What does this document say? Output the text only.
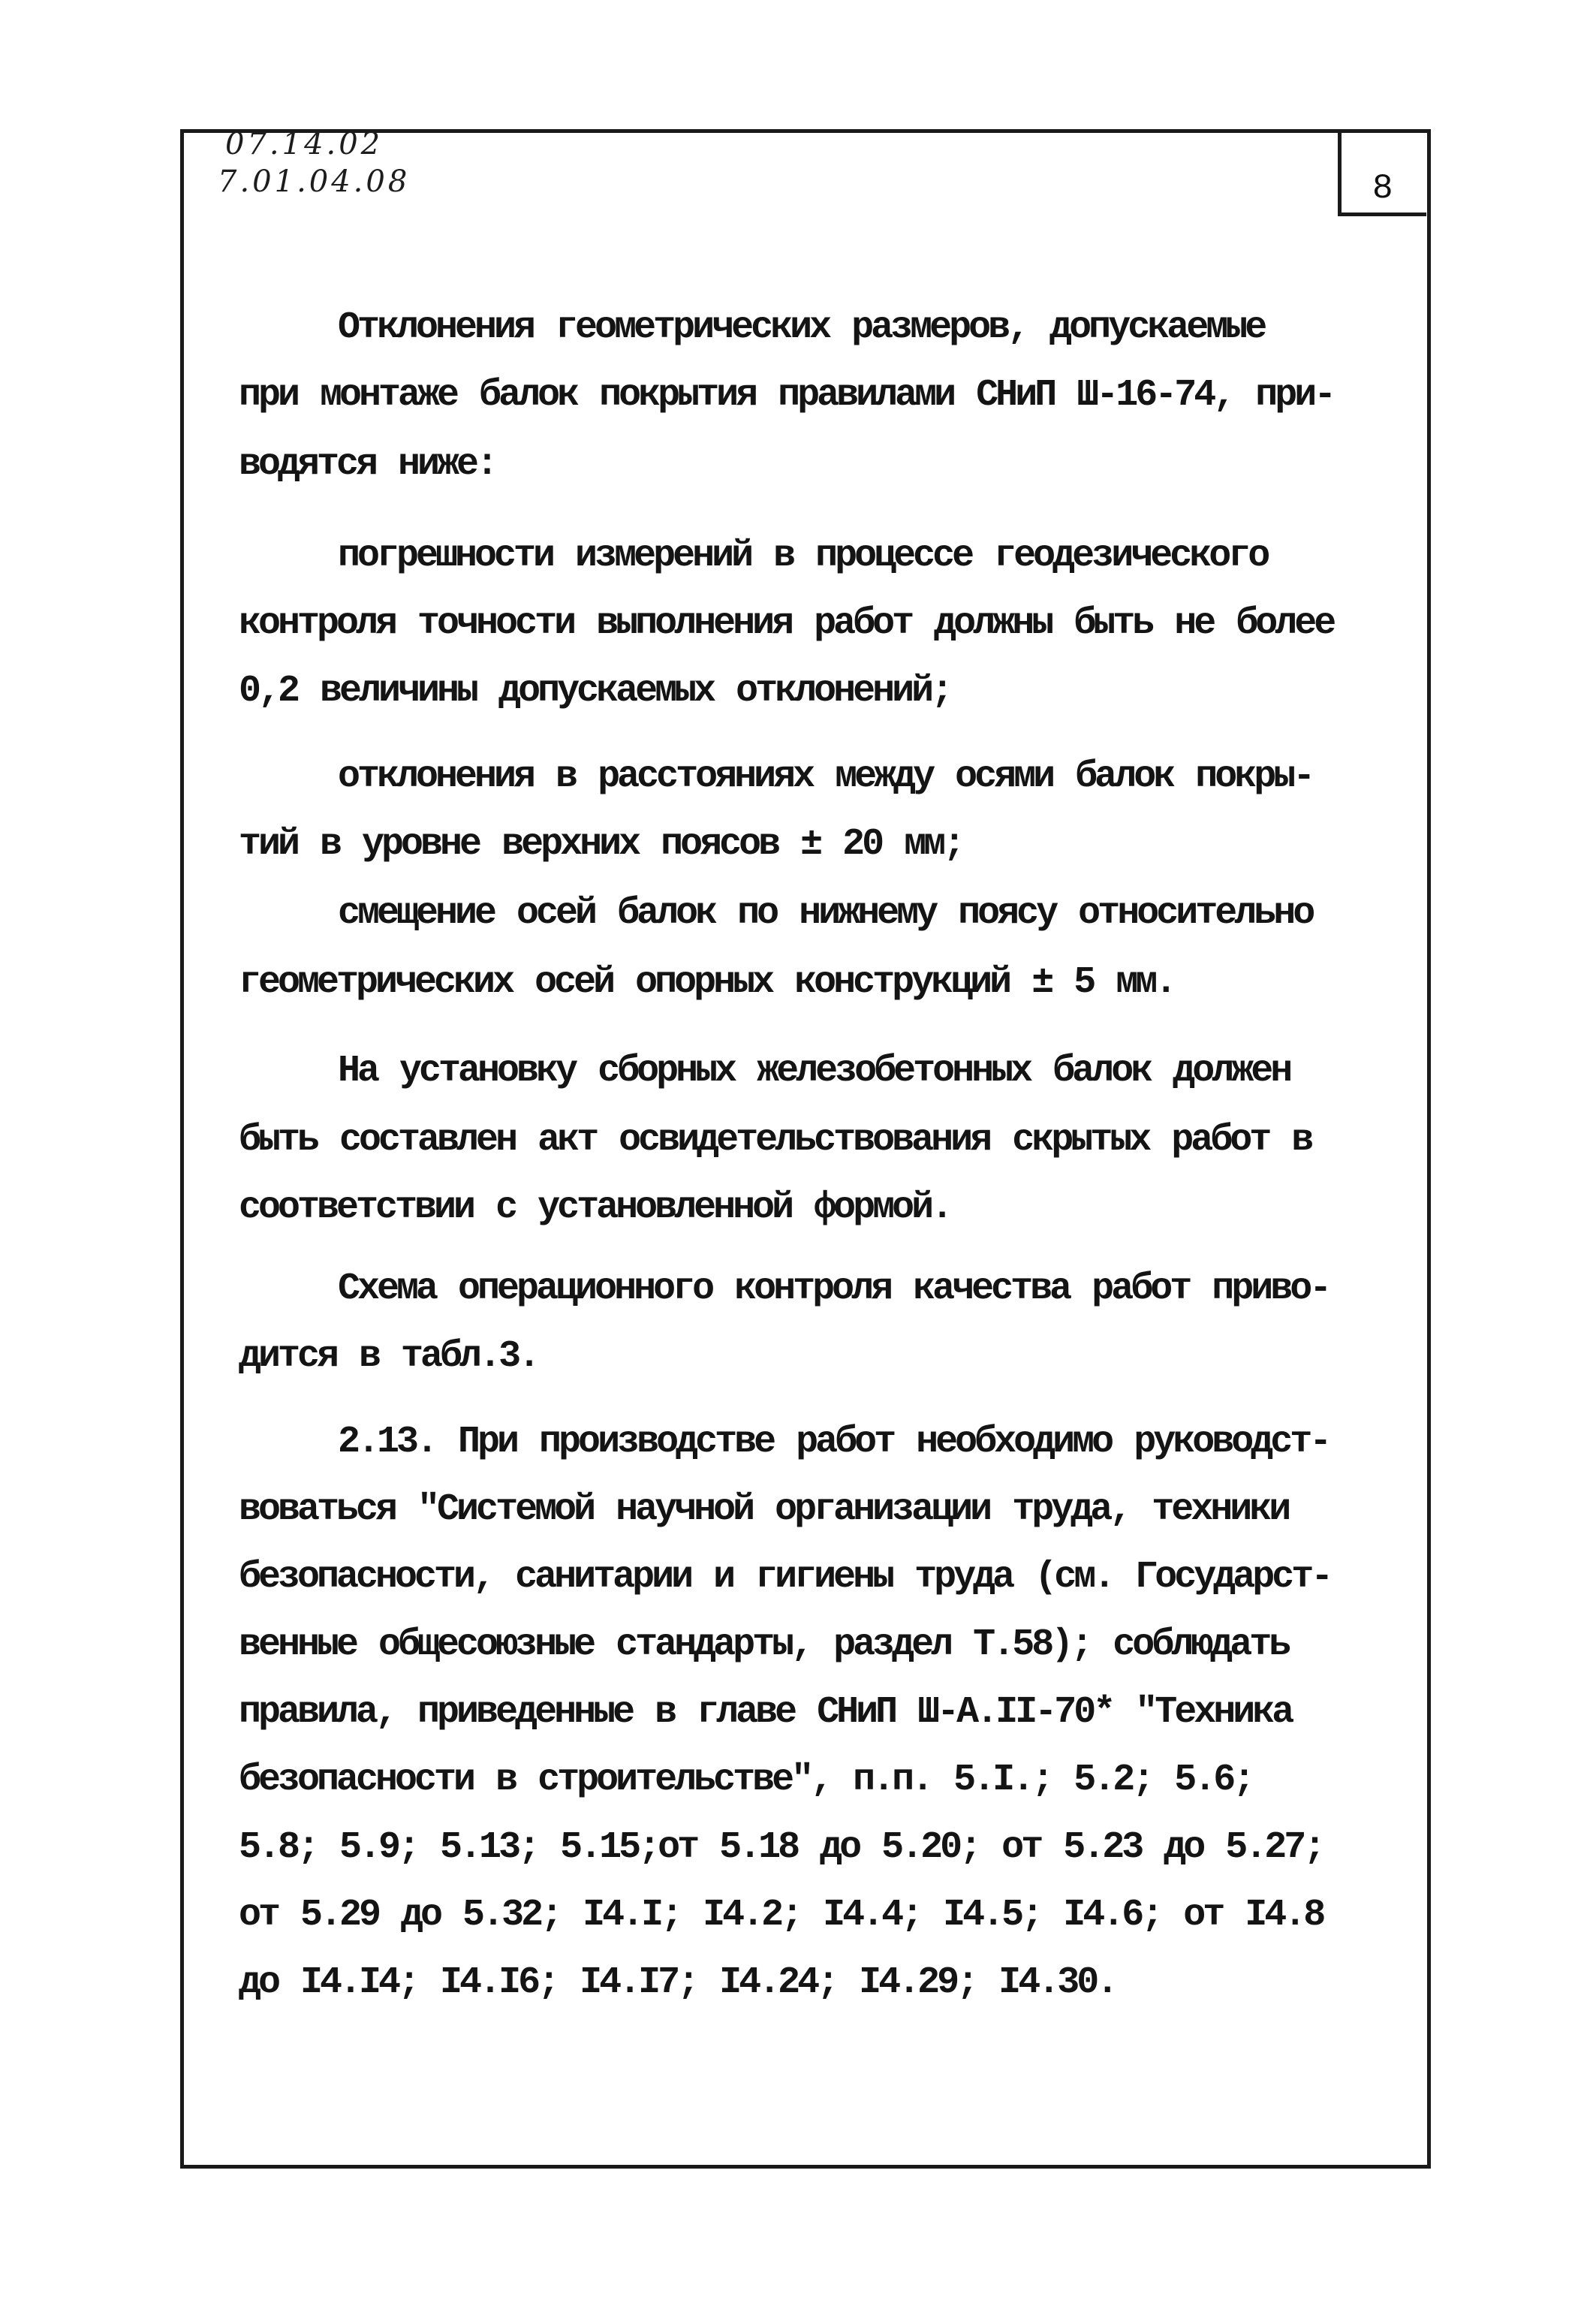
07.14.02
7.01.04.08	8
Отклонения геометрических размеров, допускаемые
при монтаже балок покрытия правилами СНиП Ш-16-74, при-
водятся ниже:
погрешности измерений в процессе геодезического
контроля точности выполнения работ должны быть не более
0,2 величины допускаемых отклонений;
отклонения в расстояниях между осями балок покры-
тий в уровне верхних поясов ± 20 мм;
смещение осей балок по нижнему поясу относительно
геометрических осей опорных конструкций ± 5 мм.
На установку сборных железобетонных балок должен
быть составлен акт освидетельствования скрытых работ в
соответствии с установленной формой.
Схема операционного контроля качества работ приво-
дится в табл.3.
2.13. При производстве работ необходимо руководст-
воваться "Системой научной организации труда, техники
безопасности, санитарии и гигиены труда (см. Государст-
венные общесоюзные стандарты, раздел Т.58); соблюдать
правила, приведенные в главе СНиП Ш-А.II-70* "Техника
безопасности в строительстве", п.п. 5.I.; 5.2; 5.6;
5.8; 5.9; 5.13; 5.15;от 5.18 до 5.20; от 5.23 до 5.27;
от 5.29 до 5.32; I4.I; I4.2; I4.4; I4.5; I4.6; от I4.8
до I4.I4; I4.I6; I4.I7; I4.24; I4.29; I4.30.
